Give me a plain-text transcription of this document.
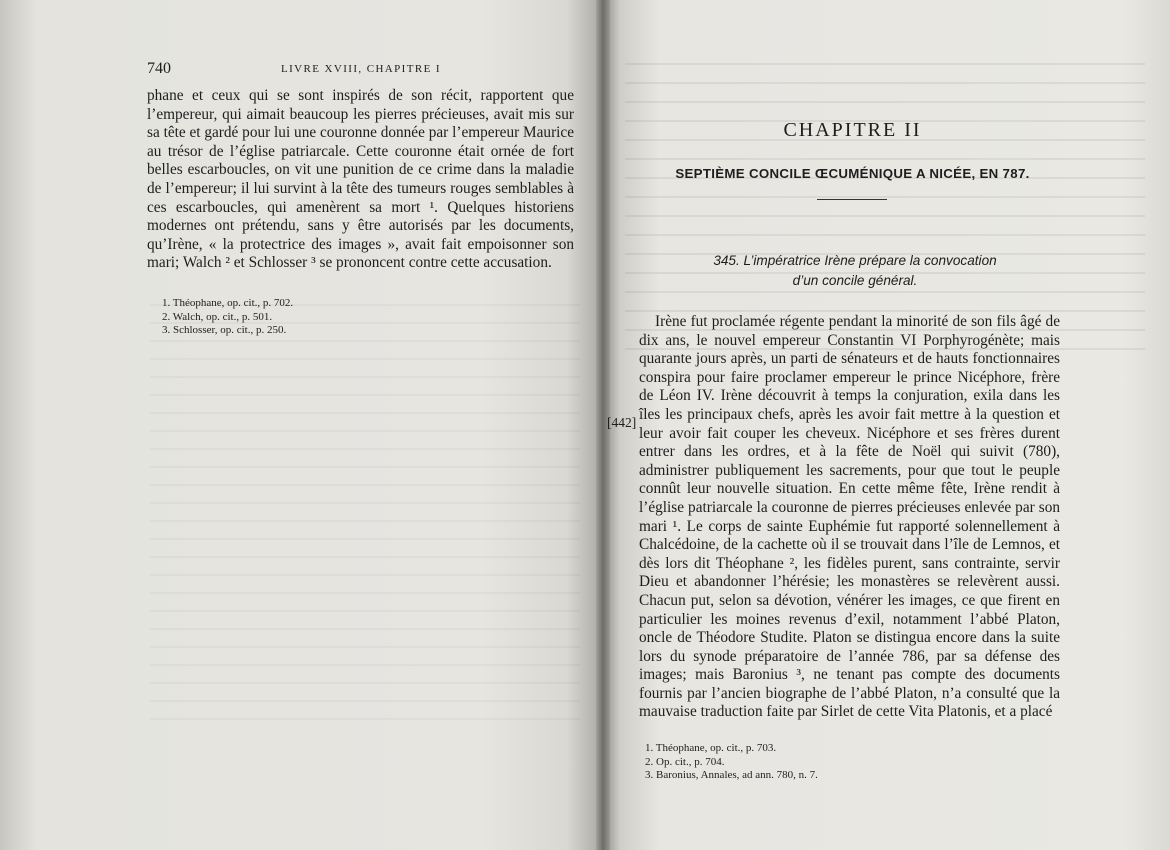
740	LIVRE XVIII, CHAPITRE I

phane et ceux qui se sont inspirés de son récit, rapportent que l’empereur, qui aimait beaucoup les pierres précieuses, avait mis sur sa tête et gardé pour lui une couronne donnée par l’empereur Maurice au trésor de l’église patriarcale. Cette couronne était ornée de fort belles escarboucles, on vit une punition de ce crime dans la maladie de l’empereur; il lui survint à la tête des tumeurs rouges semblables à ces escarboucles, qui amenèrent sa mort ¹. Quelques historiens modernes ont prétendu, sans y être autorisés par les documents, qu’Irène, « la protectrice des images », avait fait empoisonner son mari; Walch ² et Schlosser ³ se prononcent contre cette accusation.

1. Théophane, op. cit., p. 702.
2. Walch, op. cit., p. 501.
3. Schlosser, op. cit., p. 250.
CHAPITRE II
SEPTIÈME CONCILE ŒCUMÉNIQUE A NICÉE, EN 787.

345. L’impératrice Irène prépare la convocation

d’un concile général.

[442]

Irène fut proclamée régente pendant la minorité de son fils âgé de dix ans, le nouvel empereur Constantin VI Porphyrogénète; mais quarante jours après, un parti de sénateurs et de hauts fonctionnaires conspira pour faire proclamer empereur le prince Nicéphore, frère de Léon IV. Irène découvrit à temps la conjuration, exila dans les îles les principaux chefs, après les avoir fait mettre à la question et leur avoir fait couper les cheveux. Nicéphore et ses frères durent entrer dans les ordres, et à la fête de Noël qui suivit (780), administrer publiquement les sacrements, pour que tout le peuple connût leur nouvelle situation. En cette même fête, Irène rendit à l’église patriarcale la couronne de pierres précieuses enlevée par son mari ¹. Le corps de sainte Euphémie fut rapporté solennellement à Chalcédoine, de la cachette où il se trouvait dans l’île de Lemnos, et dès lors dit Théophane ², les fidèles purent, sans contrainte, servir Dieu et abandonner l’hérésie; les monastères se relevèrent aussi. Chacun put, selon sa dévotion, vénérer les images, ce que firent en particulier les moines revenus d’exil, notamment l’abbé Platon, oncle de Théodore Studite. Platon se distingua encore dans la suite lors du synode préparatoire de l’année 786, par sa défense des images; mais Baronius ³, ne tenant pas compte des documents fournis par l’ancien biographe de l’abbé Platon, n’a consulté que la mauvaise traduction faite par Sirlet de cette Vita Platonis, et a placé

1. Théophane, op. cit., p. 703.
2. Op. cit., p. 704.
3. Baronius, Annales, ad ann. 780, n. 7.
